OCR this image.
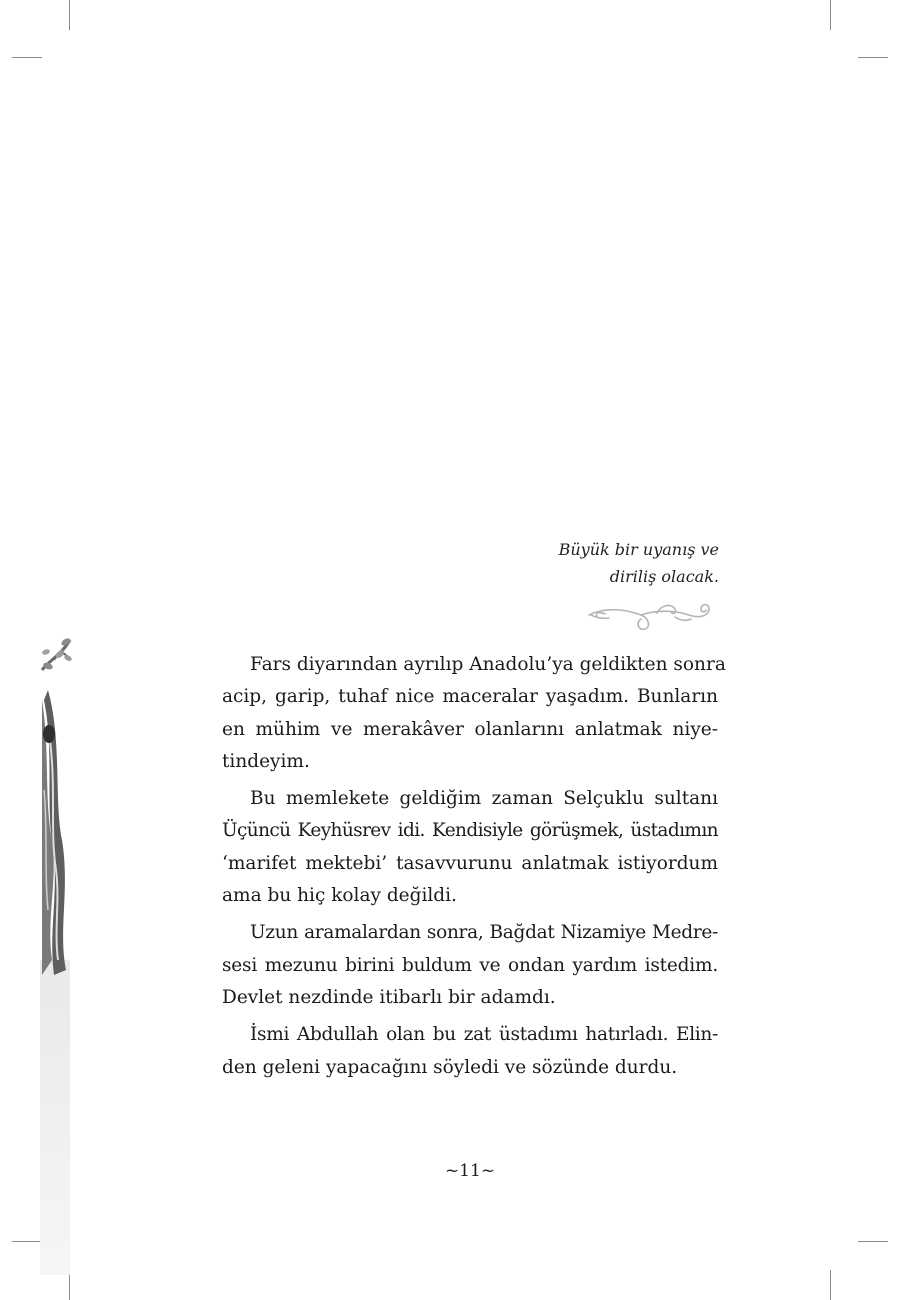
Büyük bir uyanış ve
diriliş olacak.
Fars diyarından ayrılıp Anadolu’ya geldikten sonra
acip, garip, tuhaf nice maceralar yaşadım. Bunların
en mühim ve merakâver olanlarını anlatmak niye-
tindeyim.
Bu memlekete geldiğim zaman Selçuklu sultanı
Üçüncü Keyhüsrev idi. Kendisiyle görüşmek, üstadımın
‘marifet mektebi’ tasavvurunu anlatmak istiyordum
ama bu hiç kolay değildi.
Uzun aramalardan sonra, Bağdat Nizamiye Medre-
sesi mezunu birini buldum ve ondan yardım istedim.
Devlet nezdinde itibarlı bir adamdı.
İsmi Abdullah olan bu zat üstadımı hatırladı. Elin-
den geleni yapacağını söyledi ve sözünde durdu.
~11~
